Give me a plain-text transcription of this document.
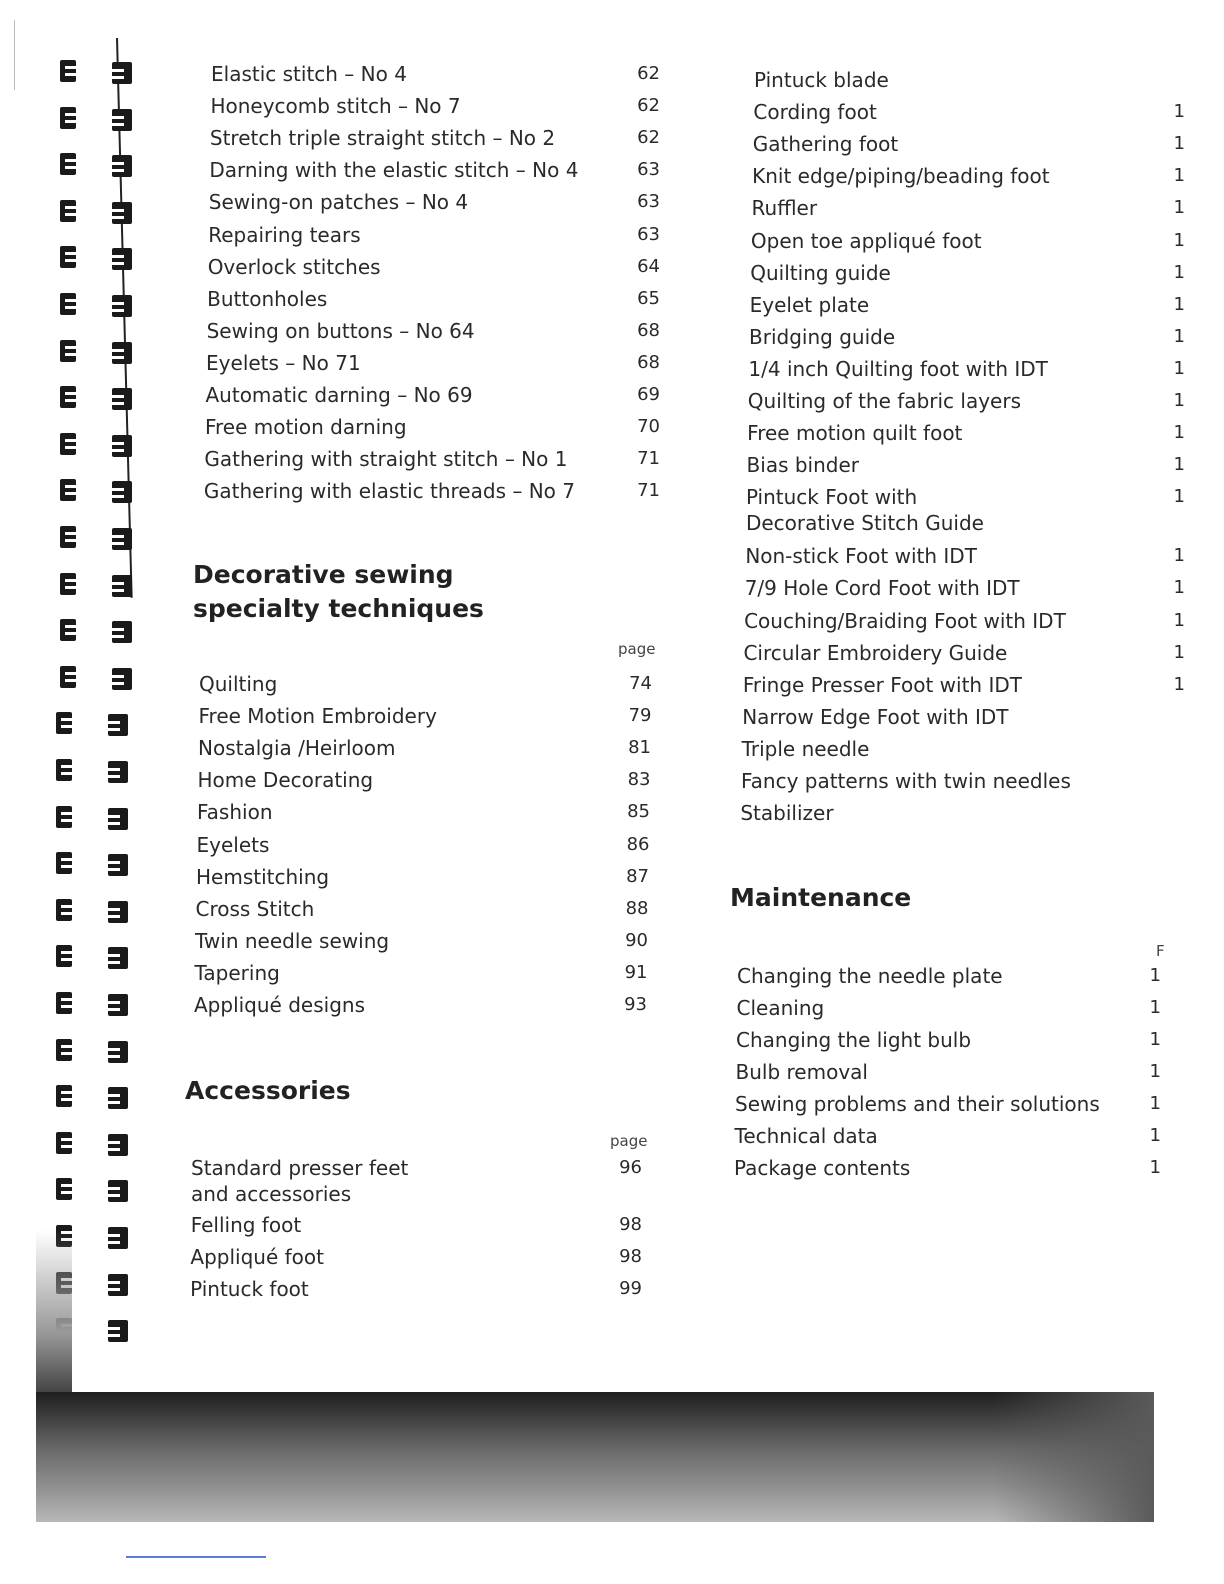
Decorative sewing
specialty techniques
page
Accessories
page
Maintenance
F
Elastic stitch – No 4	62
Honeycomb stitch – No 7	62
Stretch triple straight stitch – No 2	62
Darning with the elastic stitch – No 4	63
Sewing-on patches – No 4	63
Repairing tears	63
Overlock stitches	64
Buttonholes	65
Sewing on buttons – No 64	68
Eyelets – No 71	68
Automatic darning – No 69	69
Free motion darning	70
Gathering with straight stitch – No 1	71
Gathering with elastic threads – No 7	71
Quilting	74
Free Motion Embroidery	79
Nostalgia /Heirloom	81
Home Decorating	83
Fashion	85
Eyelets	86
Hemstitching	87
Cross Stitch	88
Twin needle sewing	90
Tapering	91
Appliqué designs	93
Standard presser feet
and accessories
96
Felling foot	98
Appliqué foot	98
Pintuck foot	99
Pintuck blade
Cording foot	1
Gathering foot	1
Knit edge/piping/beading foot	1
Ruffler	1
Open toe appliqué foot	1
Quilting guide	1
Eyelet plate	1
Bridging guide	1
1/4 inch Quilting foot with IDT	1
Quilting of the fabric layers	1
Free motion quilt foot	1
Bias binder	1
Pintuck Foot with
Decorative Stitch Guide
1
Non-stick Foot with IDT	1
7/9 Hole Cord Foot with IDT	1
Couching/Braiding Foot with IDT	1
Circular Embroidery Guide	1
Fringe Presser Foot with IDT	1
Narrow Edge Foot with IDT
Triple needle
Fancy patterns with twin needles
Stabilizer
Changing the needle plate	1
Cleaning	1
Changing the light bulb	1
Bulb removal	1
Sewing problems and their solutions	1
Technical data	1
Package contents	1
